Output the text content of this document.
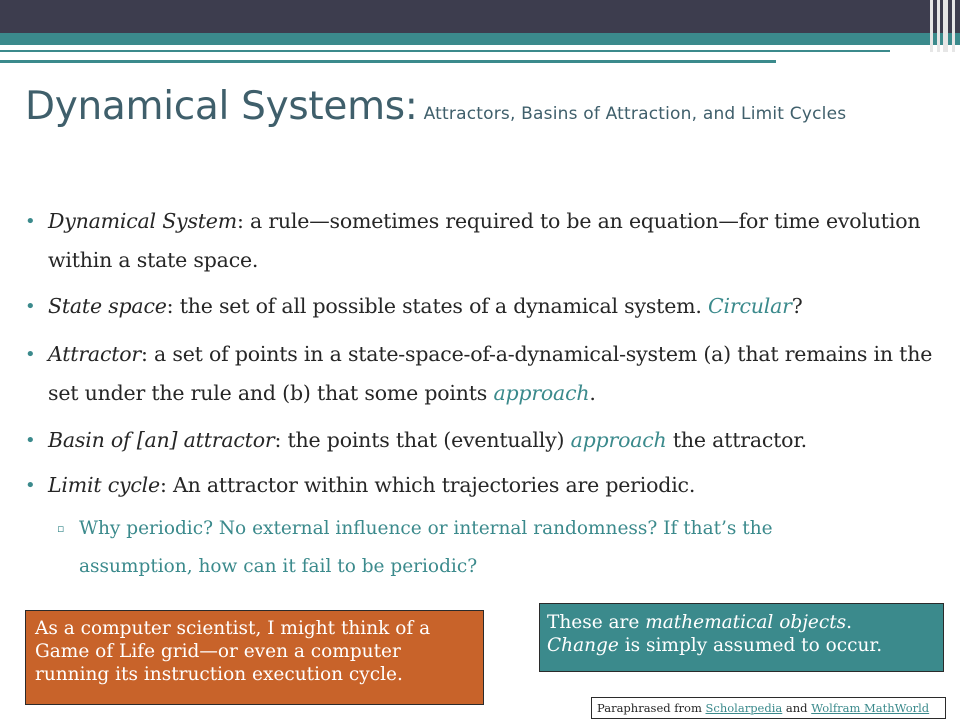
Dynamical Systems: Attractors, Basins of Attraction, and Limit Cycles
• Dynamical System: a rule—sometimes required to be an equation—for time evolution within a state space.
• State space: the set of all possible states of a dynamical system. Circular?
• Attractor: a set of points in a state-space-of-a-dynamical-system (a) that remains in the set under the rule and (b) that some points approach.
• Basin of [an] attractor: the points that (eventually) approach the attractor.
• Limit cycle: An attractor within which trajectories are periodic.
▫ Why periodic? No external influence or internal randomness? If that’s the assumption, how can it fail to be periodic?
As a computer scientist, I might think of a Game of Life grid—or even a computer running its instruction execution cycle.
These are mathematical objects.
Change is simply assumed to occur.
Paraphrased from Scholarpedia and Wolfram MathWorld
